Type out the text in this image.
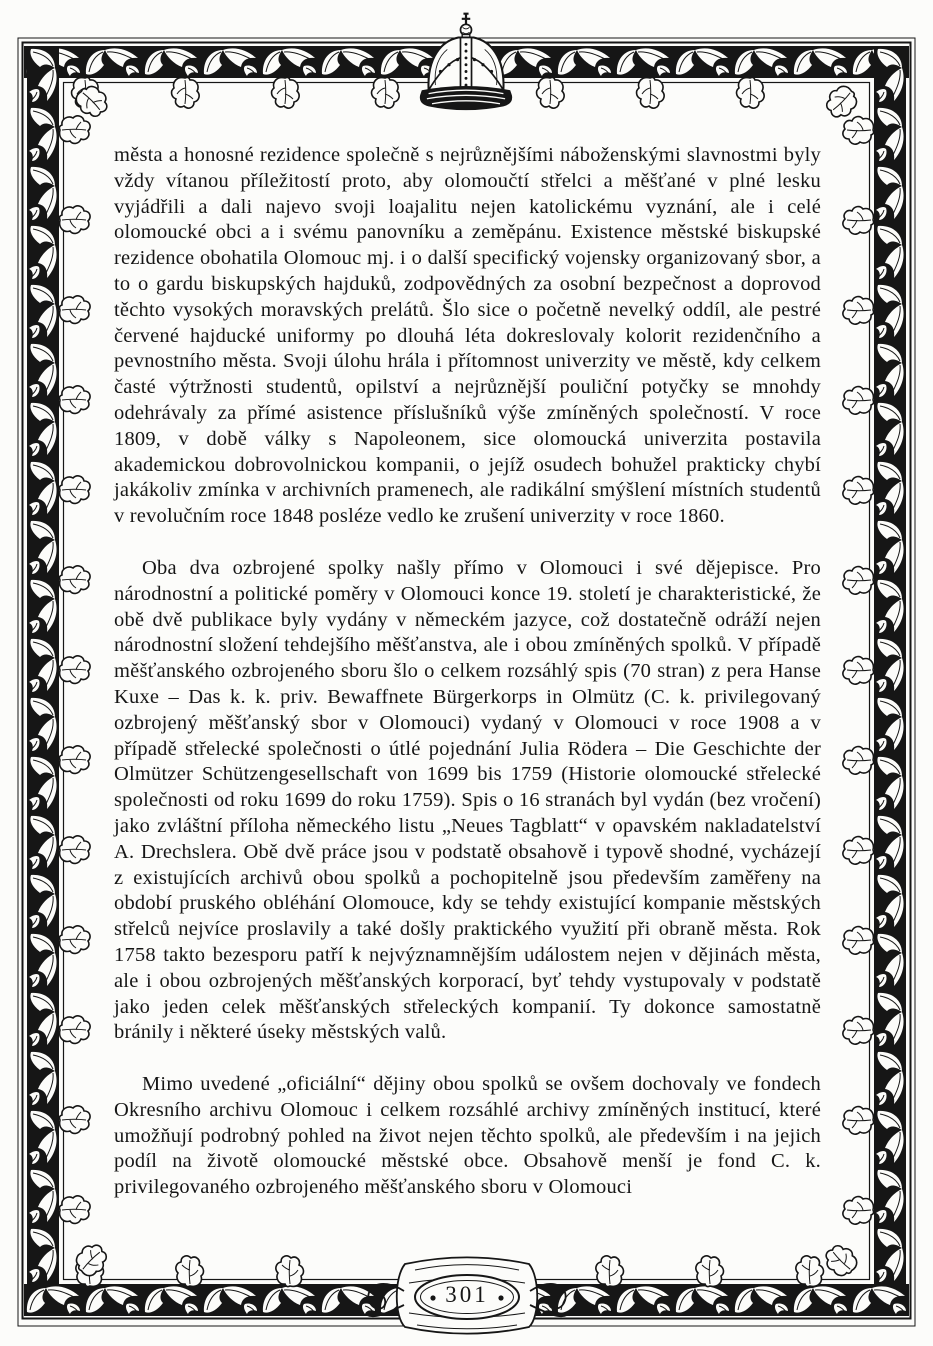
města a honosné rezidence společně s nejrůznějšími náboženskými slavnostmi byly vždy vítanou příležitostí proto, aby olomoučtí střelci a měšťané v plné lesku vyjádřili a dali najevo svoji loajalitu nejen katolickému vyznání, ale i celé olomoucké obci a i svému panovníku a zeměpánu. Existence městské biskupské rezidence obohatila Olomouc mj. i o další specifický vojensky organizovaný sbor, a to o gardu biskupských hajduků, zodpovědných za osobní bezpečnost a doprovod těchto vysokých moravských prelátů. Šlo sice o početně nevelký oddíl, ale pestré červené hajducké uniformy po dlouhá léta dokreslovaly kolorit rezidenčního a pevnostního města. Svoji úlohu hrála i přítomnost univerzity ve městě, kdy celkem časté výtržnosti studentů, opilství a nejrůznější pouliční potyčky se mnohdy odehrávaly za přímé asistence příslušníků výše zmíněných společností. V roce 1809, v době války s Napoleonem, sice olomoucká univerzita postavila akademickou dobrovolnickou kompanii, o jejíž osudech bohužel prakticky chybí jakákoliv zmínka v archivních pramenech, ale radikální smýšlení místních studentů v revolučním roce 1848 posléze vedlo ke zrušení univerzity v roce 1860.

Oba dva ozbrojené spolky našly přímo v Olomouci i své dějepisce. Pro národnostní a politické poměry v Olomouci konce 19. století je charakteristické, že obě dvě publikace byly vydány v německém jazyce, což dostatečně odráží nejen národnostní složení tehdejšího měšťanstva, ale i obou zmíněných spolků. V případě měšťanského ozbrojeného sboru šlo o celkem rozsáhlý spis (70 stran) z pera Hanse Kuxe – Das k. k. priv. Bewaffnete Bürgerkorps in Olmütz (C. k. privilegovaný ozbrojený měšťanský sbor v Olomouci) vydaný v Olomouci v roce 1908 a v případě střelecké společnosti o útlé pojednání Julia Rödera – Die Geschichte der Olmützer Schützengesellschaft von 1699 bis 1759 (Historie olomoucké střelecké společnosti od roku 1699 do roku 1759). Spis o 16 stranách byl vydán (bez vročení) jako zvláštní příloha německého listu „Neues Tagblatt“ v opavském nakladatelství A. Drechslera. Obě dvě práce jsou v podstatě obsahově i typově shodné, vycházejí z existujících archivů obou spolků a pochopitelně jsou především zaměřeny na období pruského obléhání Olomouce, kdy se tehdy existující kompanie městských střelců nejvíce proslavily a také došly praktického využití při obraně města. Rok 1758 takto bezesporu patří k nejvýznamnějším událostem nejen v dějinách města, ale i obou ozbrojených měšťanských korporací, byť tehdy vystupovaly v podstatě jako jeden celek měšťanských střeleckých kompanií. Ty dokonce samostatně bránily i některé úseky městských valů.

Mimo uvedené „oficiální“ dějiny obou spolků se ovšem dochovaly ve fondech Okresního archivu Olomouc i celkem rozsáhlé archivy zmíněných institucí, které umožňují podrobný pohled na život nejen těchto spolků, ale především i na jejich podíl na životě olomoucké městské obce. Obsahově menší je fond C. k. privilegovaného ozbrojeného měšťanského sboru v Olomouci

301
